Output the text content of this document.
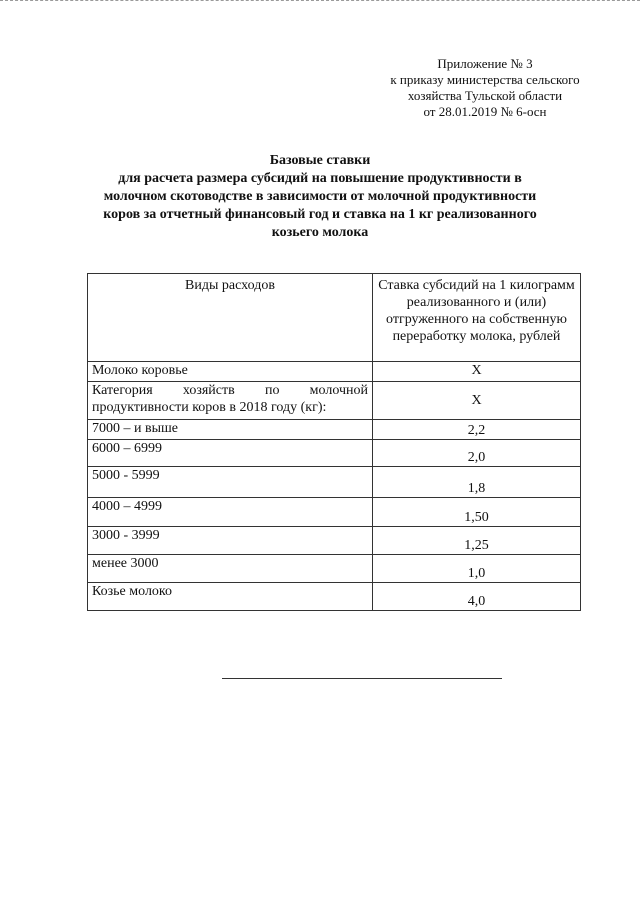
Приложение № 3
к приказу министерства сельского
хозяйства Тульской области
от 28.01.2019 № 6-осн
Базовые ставки
для расчета размера субсидий на повышение продуктивности в
молочном скотоводстве в зависимости от молочной продуктивности
коров за отчетный финансовый год и ставка на 1 кг реализованного
козьего молока
Виды расходов	Ставка субсидий на 1 килограмм реализованного и (или) отгруженного на собственную переработку молока, рублей
Молоко коровье	Х
Категория хозяйств по молочной продуктивности коров в 2018 году (кг):	Х
7000 – и выше	2,2
6000 – 6999	2,0
5000 - 5999	1,8
4000 – 4999	1,50
3000 - 3999	1,25
менее 3000	1,0
Козье молоко	4,0
